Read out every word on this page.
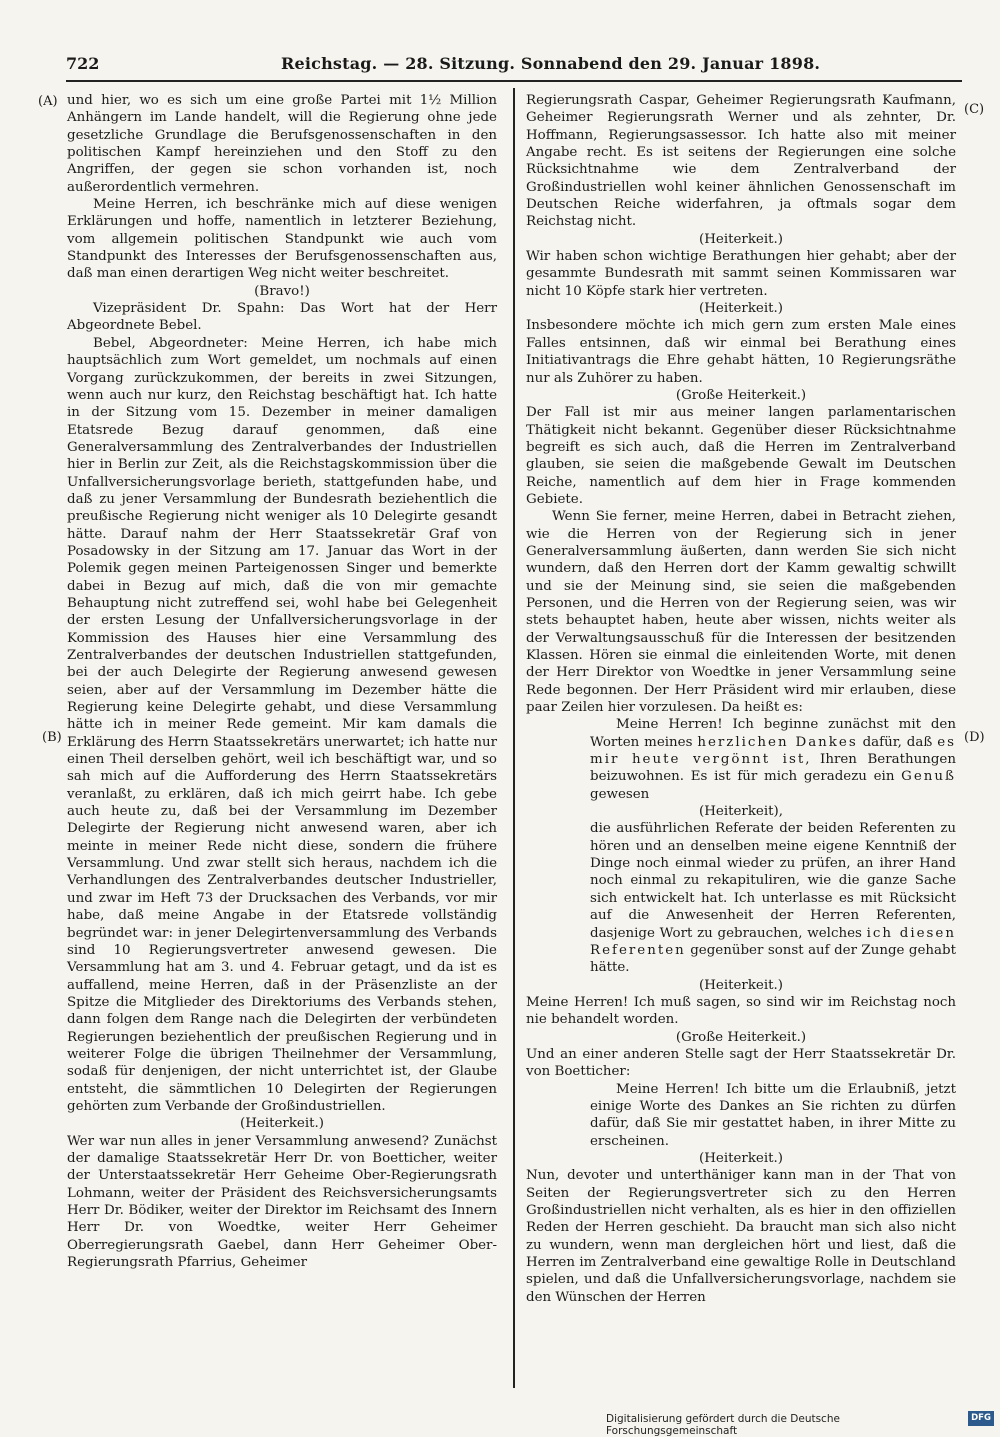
722	Reichstag. — 28. Sitzung. Sonnabend den 29. Januar 1898.
(A)
(B)
(C)
(D)

und hier, wo es sich um eine große Partei mit 1½ Million Anhängern im Lande handelt, will die Regierung ohne jede gesetzliche Grundlage die Berufsgenossenschaften in den politischen Kampf hereinziehen und den Stoff zu den Angriffen, der gegen sie schon vorhanden ist, noch außerordentlich vermehren.

Meine Herren, ich beschränke mich auf diese wenigen Erklärungen und hoffe, namentlich in letzterer Beziehung, vom allgemein politischen Standpunkt wie auch vom Standpunkt des Interesses der Berufsgenossenschaften aus, daß man einen derartigen Weg nicht weiter beschreitet.

(Bravo!)

Vizepräsident Dr. Spahn: Das Wort hat der Herr Abgeordnete Bebel.

Bebel, Abgeordneter: Meine Herren, ich habe mich hauptsächlich zum Wort gemeldet, um nochmals auf einen Vorgang zurückzukommen, der bereits in zwei Sitzungen, wenn auch nur kurz, den Reichstag beschäftigt hat. Ich hatte in der Sitzung vom 15. Dezember in meiner damaligen Etatsrede Bezug darauf genommen, daß eine Generalversammlung des Zentralverbandes der Industriellen hier in Berlin zur Zeit, als die Reichstagskommission über die Unfallversicherungsvorlage berieth, stattgefunden habe, und daß zu jener Versammlung der Bundesrath beziehentlich die preußische Regierung nicht weniger als 10 Delegirte gesandt hätte. Darauf nahm der Herr Staatssekretär Graf von Posadowsky in der Sitzung am 17. Januar das Wort in der Polemik gegen meinen Parteigenossen Singer und bemerkte dabei in Bezug auf mich, daß die von mir gemachte Behauptung nicht zutreffend sei, wohl habe bei Gelegenheit der ersten Lesung der Unfallversicherungsvorlage in der Kommission des Hauses hier eine Versammlung des Zentralverbandes der deutschen Industriellen stattgefunden, bei der auch Delegirte der Regierung anwesend gewesen seien, aber auf der Versammlung im Dezember hätte die Regierung keine Delegirte gehabt, und diese Versammlung hätte ich in meiner Rede gemeint. Mir kam damals die Erklärung des Herrn Staatssekretärs unerwartet; ich hatte nur einen Theil derselben gehört, weil ich beschäftigt war, und so sah mich auf die Aufforderung des Herrn Staatssekretärs veranlaßt, zu erklären, daß ich mich geirrt habe. Ich gebe auch heute zu, daß bei der Versammlung im Dezember Delegirte der Regierung nicht anwesend waren, aber ich meinte in meiner Rede nicht diese, sondern die frühere Versammlung. Und zwar stellt sich heraus, nachdem ich die Verhandlungen des Zentralverbandes deutscher Industrieller, und zwar im Heft 73 der Drucksachen des Verbands, vor mir habe, daß meine Angabe in der Etatsrede vollständig begründet war: in jener Delegirtenversammlung des Verbands sind 10 Regierungsvertreter anwesend gewesen. Die Versammlung hat am 3. und 4. Februar getagt, und da ist es auffallend, meine Herren, daß in der Präsenzliste an der Spitze die Mitglieder des Direktoriums des Verbands stehen, dann folgen dem Range nach die Delegirten der verbündeten Regierungen beziehentlich der preußischen Regierung und in weiterer Folge die übrigen Theilnehmer der Versammlung, sodaß für denjenigen, der nicht unterrichtet ist, der Glaube entsteht, die sämmtlichen 10 Delegirten der Regierungen gehörten zum Verbande der Großindustriellen.

(Heiterkeit.)

Wer war nun alles in jener Versammlung anwesend? Zunächst der damalige Staatssekretär Herr Dr. von Boetticher, weiter der Unterstaatssekretär Herr Geheime Ober-Regierungsrath Lohmann, weiter der Präsident des Reichsversicherungsamts Herr Dr. Bödiker, weiter der Direktor im Reichsamt des Innern Herr Dr. von Woedtke, weiter Herr Geheimer Oberregierungsrath Gaebel, dann Herr Geheimer Ober-Regierungsrath Pfarrius, Geheimer

Regierungsrath Caspar, Geheimer Regierungsrath Kaufmann, Geheimer Regierungsrath Werner und als zehnter, Dr. Hoffmann, Regierungsassessor. Ich hatte also mit meiner Angabe recht. Es ist seitens der Regierungen eine solche Rücksichtnahme wie dem Zentralverband der Großindustriellen wohl keiner ähnlichen Genossenschaft im Deutschen Reiche widerfahren, ja oftmals sogar dem Reichstag nicht.

(Heiterkeit.)

Wir haben schon wichtige Berathungen hier gehabt; aber der gesammte Bundesrath mit sammt seinen Kommissaren war nicht 10 Köpfe stark hier vertreten.

(Heiterkeit.)

Insbesondere möchte ich mich gern zum ersten Male eines Falles entsinnen, daß wir einmal bei Berathung eines Initiativantrags die Ehre gehabt hätten, 10 Regierungsräthe nur als Zuhörer zu haben.

(Große Heiterkeit.)

Der Fall ist mir aus meiner langen parlamentarischen Thätigkeit nicht bekannt. Gegenüber dieser Rücksichtnahme begreift es sich auch, daß die Herren im Zentralverband glauben, sie seien die maßgebende Gewalt im Deutschen Reiche, namentlich auf dem hier in Frage kommenden Gebiete.

Wenn Sie ferner, meine Herren, dabei in Betracht ziehen, wie die Herren von der Regierung sich in jener Generalversammlung äußerten, dann werden Sie sich nicht wundern, daß den Herren dort der Kamm gewaltig schwillt und sie der Meinung sind, sie seien die maßgebenden Personen, und die Herren von der Regierung seien, was wir stets behauptet haben, heute aber wissen, nichts weiter als der Verwaltungsausschuß für die Interessen der besitzenden Klassen. Hören sie einmal die einleitenden Worte, mit denen der Herr Direktor von Woedtke in jener Versammlung seine Rede begonnen. Der Herr Präsident wird mir erlauben, diese paar Zeilen hier vorzulesen. Da heißt es:

Meine Herren! Ich beginne zunächst mit den Worten meines herzlichen Dankes dafür, daß es mir heute vergönnt ist, Ihren Berathungen beizuwohnen. Es ist für mich geradezu ein Genuß gewesen

(Heiterkeit),

die ausführlichen Referate der beiden Referenten zu hören und an denselben meine eigene Kenntniß der Dinge noch einmal wieder zu prüfen, an ihrer Hand noch einmal zu rekapituliren, wie die ganze Sache sich entwickelt hat. Ich unterlasse es mit Rücksicht auf die Anwesenheit der Herren Referenten, dasjenige Wort zu gebrauchen, welches ich diesen Referenten gegenüber sonst auf der Zunge gehabt hätte.

(Heiterkeit.)

Meine Herren! Ich muß sagen, so sind wir im Reichstag noch nie behandelt worden.

(Große Heiterkeit.)

Und an einer anderen Stelle sagt der Herr Staatssekretär Dr. von Boetticher:

Meine Herren! Ich bitte um die Erlaubniß, jetzt einige Worte des Dankes an Sie richten zu dürfen dafür, daß Sie mir gestattet haben, in ihrer Mitte zu erscheinen.

(Heiterkeit.)

Nun, devoter und unterthäniger kann man in der That von Seiten der Regierungsvertreter sich zu den Herren Großindustriellen nicht verhalten, als es hier in den offiziellen Reden der Herren geschieht. Da braucht man sich also nicht zu wundern, wenn man dergleichen hört und liest, daß die Herren im Zentralverband eine gewaltige Rolle in Deutschland spielen, und daß die Unfallversicherungsvorlage, nachdem sie den Wünschen der Herren

Digitalisierung gefördert durch die Deutsche Forschungsgemeinschaft
DFG
